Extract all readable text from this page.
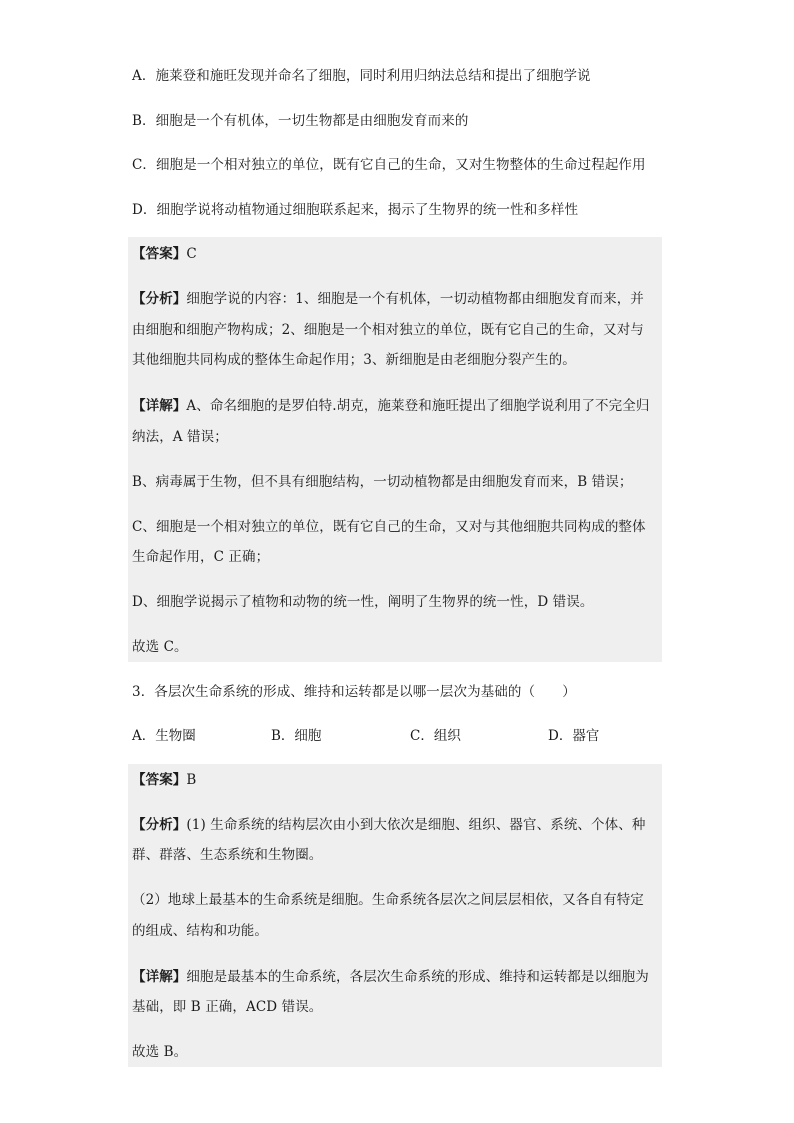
A．施莱登和施旺发现并命名了细胞，同时利用归纳法总结和提出了细胞学说
B．细胞是一个有机体，一切生物都是由细胞发育而来的
C．细胞是一个相对独立的单位，既有它自己的生命，又对生物整体的生命过程起作用
D．细胞学说将动植物通过细胞联系起来，揭示了生物界的统一性和多样性
【答案】C
【分析】细胞学说的内容：1、细胞是一个有机体，一切动植物都由细胞发育而来，并
由细胞和细胞产物构成；2、细胞是一个相对独立的单位，既有它自己的生命，又对与
其他细胞共同构成的整体生命起作用；3、新细胞是由老细胞分裂产生的。
【详解】A、命名细胞的是罗伯特.胡克，施莱登和施旺提出了细胞学说利用了不完全归
纳法，A 错误；
B、病毒属于生物，但不具有细胞结构，一切动植物都是由细胞发育而来，B 错误；
C、细胞是一个相对独立的单位，既有它自己的生命，又对与其他细胞共同构成的整体
生命起作用，C 正确；
D、细胞学说揭示了植物和动物的统一性，阐明了生物界的统一性，D 错误。
故选 C。
3．各层次生命系统的形成、维持和运转都是以哪一层次为基础的（　　）
A．生物圈	B．细胞	C．组织	D．器官
【答案】B
【分析】(1) 生命系统的结构层次由小到大依次是细胞、组织、器官、系统、个体、种
群、群落、生态系统和生物圈。
（2）地球上最基本的生命系统是细胞。生命系统各层次之间层层相依，又各自有特定
的组成、结构和功能。
【详解】细胞是最基本的生命系统，各层次生命系统的形成、维持和运转都是以细胞为
基础，即 B 正确，ACD 错误。
故选 B。
